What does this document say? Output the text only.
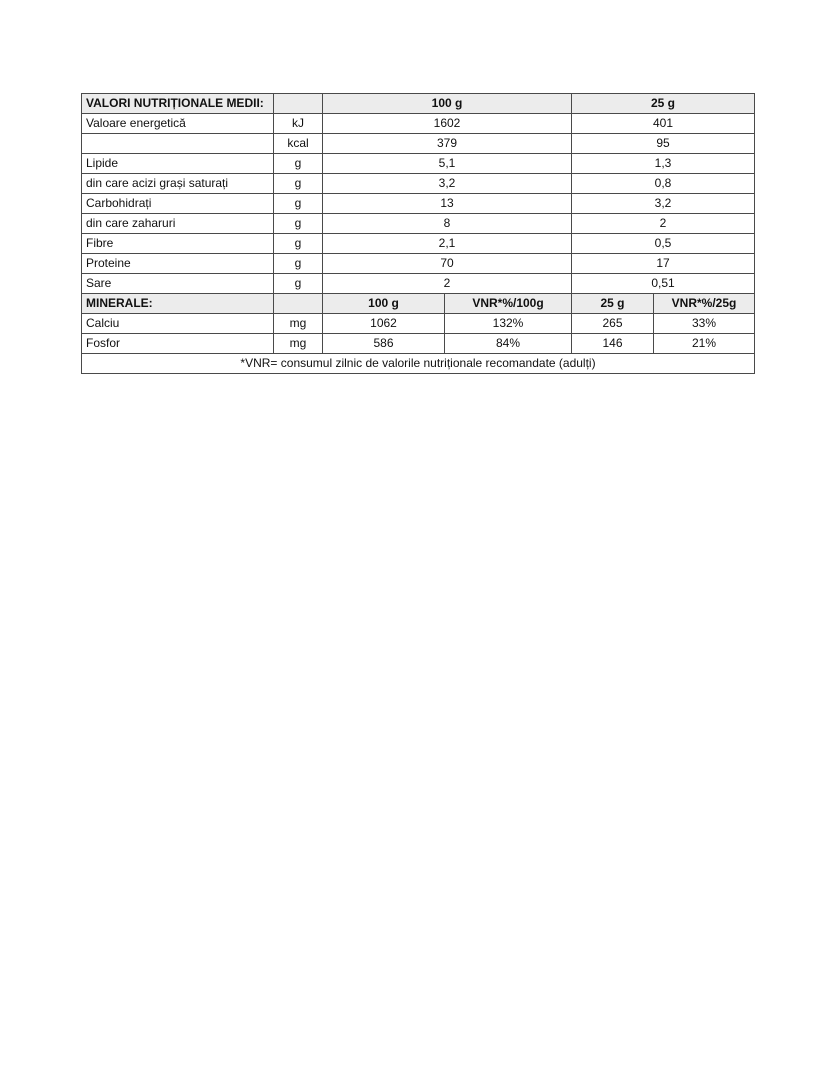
VALORI NUTRIȚIONALE MEDII:		100 g		25 g	
Valoare energetică	kJ	1602		401	
	kcal	379		95	
Lipide	g	5,1		1,3	
din care acizi grași saturați	g	3,2		0,8	
Carbohidrați	g	13		3,2	
din care zaharuri	g	8		2	
Fibre	g	2,1		0,5	
Proteine	g	70		17	
Sare	g	2		0,51	
MINERALE:		100 g	VNR*%/100g	25 g	VNR*%/25g
Calciu	mg	1062	132%	265	33%
Fosfor	mg	586	84%	146	21%
*VNR= consumul zilnic de valorile nutriționale recomandate (adulți)					
